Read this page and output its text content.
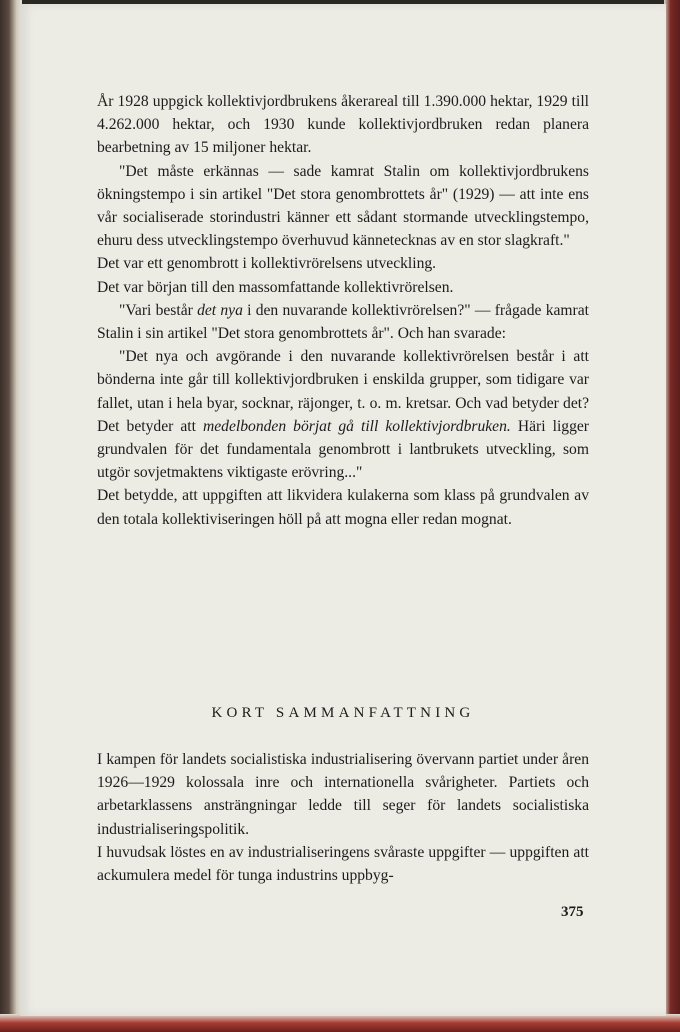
År 1928 uppgick kollektivjordbrukens åkerareal till 1.390.000 hektar, 1929 till 4.262.000 hektar, och 1930 kunde kollektivjordbruken redan planera bearbetning av 15 miljoner hektar.

"Det måste erkännas — sade kamrat Stalin om kollektivjordbrukens ökningstempo i sin artikel "Det stora genombrottets år" (1929) — att inte ens vår socialiserade storindustri känner ett sådant stormande utvecklingstempo, ehuru dess utvecklingstempo överhuvud kännetecknas av en stor slagkraft."

Det var ett genombrott i kollektivrörelsens utveckling.

Det var början till den massomfattande kollektivrörelsen.

"Vari består det nya i den nuvarande kollektivrörelsen?" — frågade kamrat Stalin i sin artikel "Det stora genombrottets år". Och han svarade:

"Det nya och avgörande i den nuvarande kollektivrörelsen består i att bönderna inte går till kollektivjordbruken i enskilda grupper, som tidigare var fallet, utan i hela byar, socknar, räjonger, t. o. m. kretsar. Och vad betyder det? Det betyder att medelbonden börjat gå till kollektivjordbruken. Häri ligger grundvalen för det fundamentala genombrott i lantbrukets utveckling, som utgör sovjetmaktens viktigaste erövring..."

Det betydde, att uppgiften att likvidera kulakerna som klass på grundvalen av den totala kollektiviseringen höll på att mogna eller redan mognat.

KORT SAMMANFATTNING

I kampen för landets socialistiska industrialisering övervann partiet under åren 1926—1929 kolossala inre och internationella svårigheter. Partiets och arbetarklassens ansträngningar ledde till seger för landets socialistiska industrialiseringspolitik.

I huvudsak löstes en av industrialiseringens svåraste uppgifter — uppgiften att ackumulera medel för tunga industrins uppbyg-

375
